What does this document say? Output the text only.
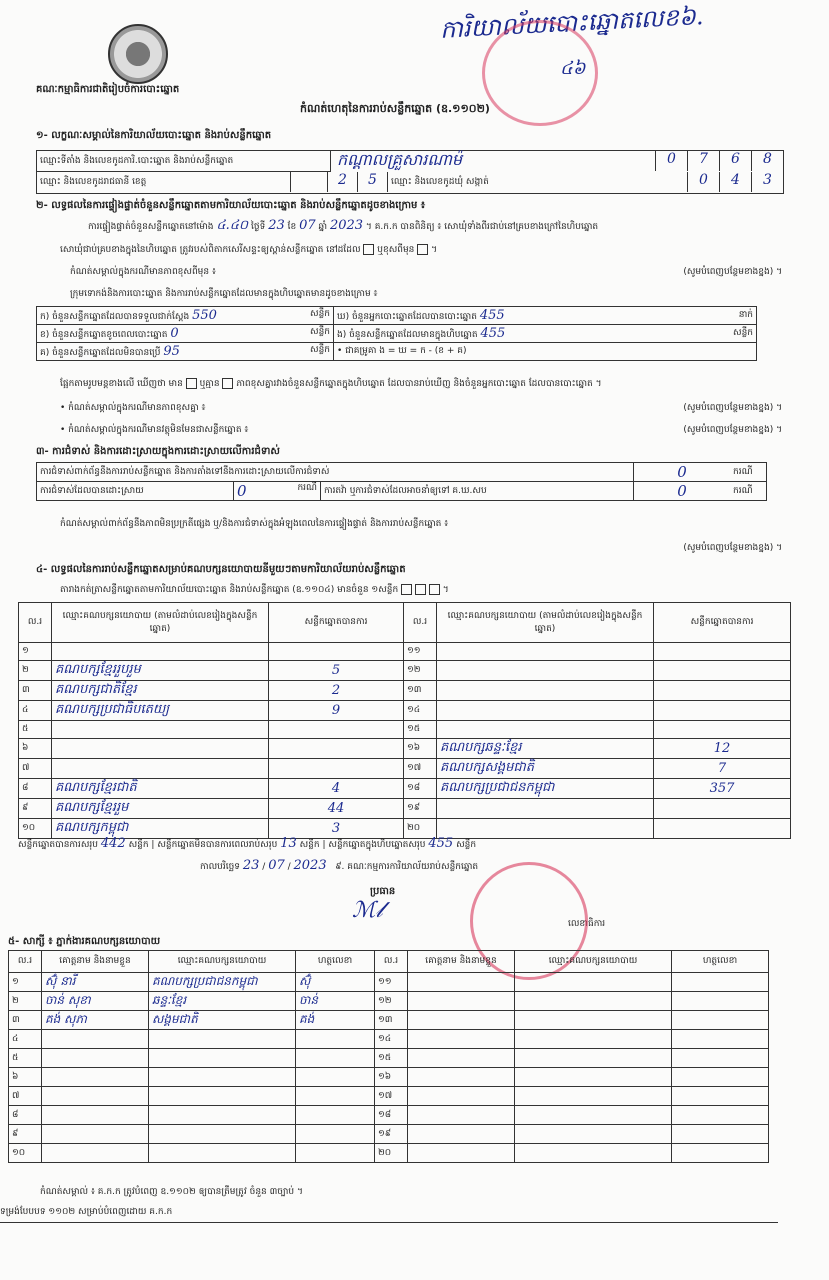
គណៈកម្មាធិការជាតិរៀបចំការបោះឆ្នោត
ការិយាល័យបោះឆ្នោតលេខ៦.
៤៦
កំណត់ហេតុនៃការរាប់សន្លឹកឆ្នោត (ឧ.១១០២)
១- លក្ខណៈសម្គាល់នៃការិយាល័យបោះឆ្នោត និងរាប់សន្លឹកឆ្នោត
ឈ្មោះទីតាំង និងលេខកូដការិ.បោះឆ្នោត និងរាប់សន្លឹកឆ្នោត	កណ្តាលគ្រួសារណាម៉	0	7	6	8
ឈ្មោះ និងលេខកូដរាជធានី ខេត្ត	2	5	ឈ្មោះ និងលេខកូដឃុំ សង្កាត់	0	4	3
២- លទ្ធផលនៃការផ្ទៀងផ្ទាត់ចំនួនសន្លឹកឆ្នោតតាមការិយាល័យបោះឆ្នោត និងរាប់សន្លឹកឆ្នោតដូចខាងក្រោម ៖
ការផ្ទៀងផ្ទាត់ចំនួនសន្លឹកឆ្នោតនៅម៉ោង ៤.៤០ ថ្ងៃទី 23 ខែ 07 ឆ្នាំ 2023 ។ គ.ក.ក បានពិនិត្យ ៖ សោឃុំទាំងពីរជាប់នៅគ្របខាងក្រៅនៃហិបឆ្នោត
សោឃុំជាប់គ្របខាងក្នុងនៃហិបឆ្នោត ត្រូវរបស់ពិតាកសេរីសន្ទះឲ្យស្ពាន់សន្លឹកឆ្នោត នៅដដែល ឬខុសពីមុន  ។
កំណត់សម្គាល់ក្នុងករណីមានភាពខុសពីមុន ៖	(សូមបំពេញបន្ថែមខាងខ្នង) ។
ក្រុមទោកង់និងការបោះឆ្នោត និងការរាប់សន្លឹកឆ្នោតដែលមានក្នុងហិបឆ្នោតមានដូចខាងក្រោម ៖
ក) ចំនួនសន្លឹកឆ្នោតដែលបានទទួលជាក់ស្តែង 550 សន្លឹក	ឃ) ចំនួនអ្នកបោះឆ្នោតដែលបានបោះឆ្នោត 455	នាក់
ខ) ចំនួនសន្លឹកឆ្នោតខូចពេលបោះឆ្នោត 0 សន្លឹក	ង) ចំនួនសន្លឹកឆ្នោតដែលមានក្នុងហិបឆ្នោត 455	សន្លឹក
គ) ចំនួនសន្លឹកឆ្នោតដែលមិនបានប្រើ 95 សន្លឹក	• ជាគម្រូគា ង = ឃ = ក - (ខ + គ)	
ផ្អែកតាមរូបមន្តខាងលើ ឃើញថា មាន ឬគ្មាន ភាពខុសគ្នារវាងចំនួនសន្លឹកឆ្នោតក្នុងហិបឆ្នោត ដែលបានរាប់ឃើញ និងចំនួនអ្នកបោះឆ្នោត ដែលបានបោះឆ្នោត ។
• កំណត់សម្គាល់ក្នុងករណីមានភាពខុសគ្នា ៖	(សូមបំពេញបន្ថែមខាងខ្នង) ។
• កំណត់សម្គាល់ក្នុងករណីមានវត្ថុមិនមែនជាសន្លឹកឆ្នោត ៖	(សូមបំពេញបន្ថែមខាងខ្នង) ។
៣- ការជំទាស់ និងការដោះស្រាយក្នុងការដោះស្រាយលើការជំទាស់
ការជំទាស់ពាក់ព័ន្ធនឹងការរាប់សន្លឹកឆ្នោត និងការតាំងទៅនឹងការដោះស្រាយលើការជំទាស់			0	ករណី
ការជំទាស់ដែលបានដោះស្រាយ	0 ករណី	ការតវ៉ា ឬការជំទាស់ដែលអាចនាំឲ្យទៅ គ.ឃ.សប	0	ករណី
កំណត់សម្គាល់ពាក់ព័ន្ធនឹងភាពមិនប្រក្រតីផ្សេង ឬ/និងការជំទាស់ក្នុងអំឡុងពេលនៃការផ្ទៀងផ្ទាត់ និងការរាប់សន្លឹកឆ្នោត ៖
(សូមបំពេញបន្ថែមខាងខ្នង) ។
៤- លទ្ធផលនៃការរាប់សន្លឹកឆ្នោតសម្រាប់គណបក្សនយោបាយនីមួយៗតាមការិយាល័យរាប់សន្លឹកឆ្នោត
តារាងកត់ត្រាសន្លឹកឆ្នោតតាមការិយាល័យបោះឆ្នោត និងរាប់សន្លឹកឆ្នោត (ឧ.១១០៤) មានចំនួន ១សន្លឹក	។
ល.រ	ឈ្មោះគណបក្សនយោបាយ (តាមលំដាប់លេខរៀងក្នុងសន្លឹកឆ្នោត)	សន្លឹកឆ្នោតបានការ	ល.រ	ឈ្មោះគណបក្សនយោបាយ (តាមលំដាប់លេខរៀងក្នុងសន្លឹកឆ្នោត)	សន្លឹកឆ្នោតបានការ
១			១១		
២	គណបក្សខ្មែររួបរួម	5	១២		
៣	គណបក្សជាតិខ្មែរ	2	១៣		
៤	គណបក្សប្រជាធិបតេយ្យ	9	១៤		
៥			១៥		
៦			១៦	គណបក្សឆន្ទៈខ្មែរ	12
៧			១៧	គណបក្សសង្គមជាតិ	7
៨	គណបក្សខ្មែរជាតិ	4	១៨	គណបក្សប្រជាជនកម្ពុជា	357
៩	គណបក្សខ្មែររួម	44	១៩		
១០	គណបក្សកម្ពុជា	3	២០		
សន្លឹកឆ្នោតបានការសរុប 442 សន្លឹក | សន្លឹកឆ្នោតមិនបានការពេលរាប់សរុប 13 សន្លឹក | សន្លឹកឆ្នោតក្នុងហិបឆ្នោតសរុប 455 សន្លឹក
កាលបរិច្ឆេទ 23 / 07 / 2023 ៩. គណៈកម្មការការិយាល័យរាប់សន្លឹកឆ្នោត
ប្រធាន
ℳ𝓁
លេខាធិការ
៥- សាក្សី ៖ ភ្នាក់ងារគណបក្សនយោបាយ
ល.រ	គោត្តនាម និងនាមខ្លួន	ឈ្មោះគណបក្សនយោបាយ	ហត្ថលេខា	ល.រ	គោត្តនាម និងនាមខ្លួន	ឈ្មោះគណបក្សនយោបាយ	ហត្ថលេខា
១	ស៊ុំ នារី	គណបក្សប្រជាជនកម្ពុជា	ស៊ុំ	១១			
២	ចាន់ សុខា	ឆន្ទៈខ្មែរ	ចាន់	១២			
៣	គង់ សុភា	សង្គមជាតិ	គង់	១៣			
៤				១៤			
៥				១៥			
៦				១៦			
៧				១៧			
៨				១៨			
៩				១៩			
១០				២០			
កំណត់សម្គាល់ ៖ គ.ក.ក ត្រូវបំពេញ ឧ.១១០២ ឲ្យបានត្រឹមត្រូវ ចំនួន ៣ច្បាប់ ។
ទម្រង់បែបបទ ១១០២ សម្រាប់បំពេញដោយ គ.ក.ក
